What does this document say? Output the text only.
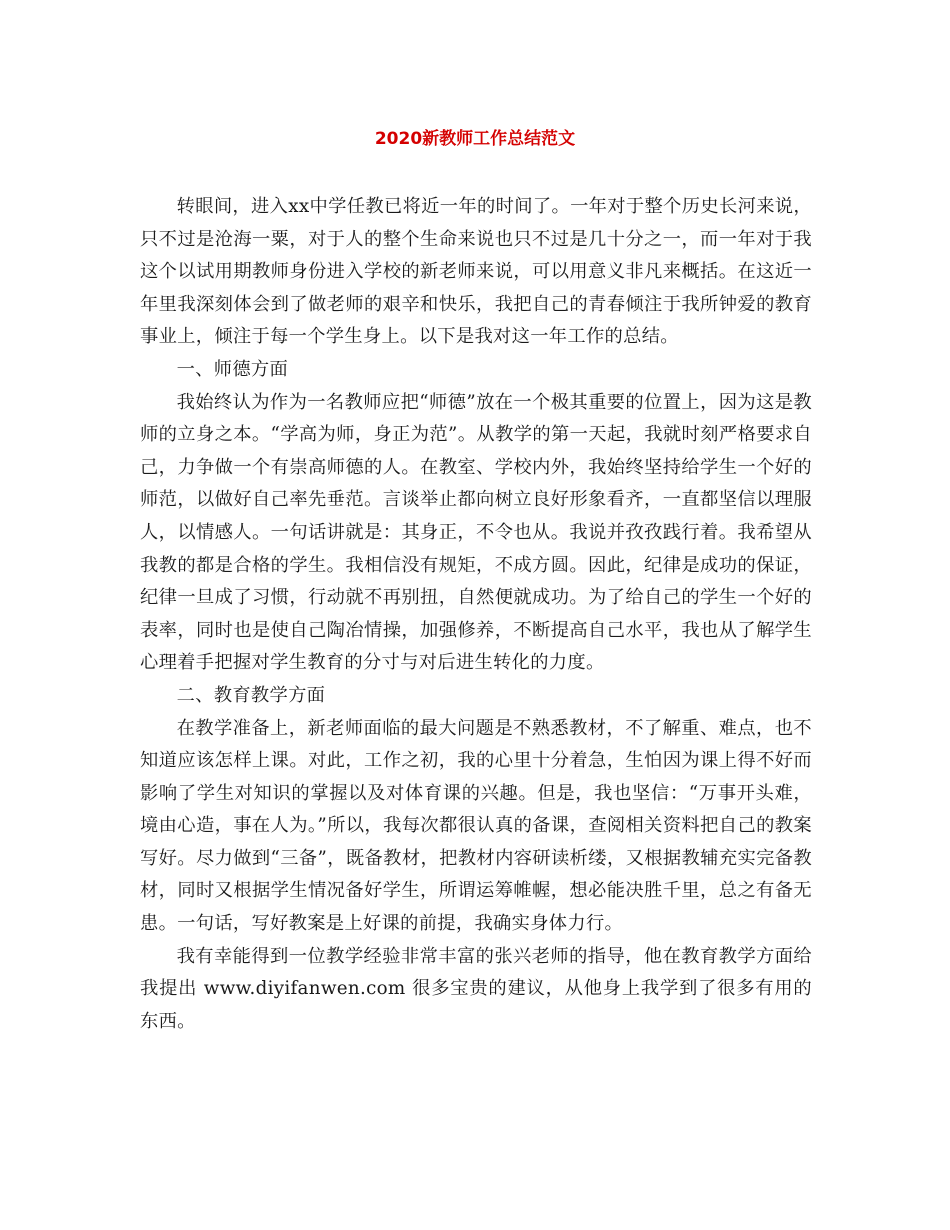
2020新教师工作总结范文

转眼间，进入xx中学任教已将近一年的时间了。一年对于整个历史长河来说，只不过是沧海一粟，对于人的整个生命来说也只不过是几十分之一，而一年对于我这个以试用期教师身份进入学校的新老师来说，可以用意义非凡来概括。在这近一年里我深刻体会到了做老师的艰辛和快乐，我把自己的青春倾注于我所钟爱的教育事业上，倾注于每一个学生身上。以下是我对这一年工作的总结。

一、师德方面

我始终认为作为一名教师应把“师德”放在一个极其重要的位置上，因为这是教师的立身之本。“学高为师，身正为范”。从教学的第一天起，我就时刻严格要求自己，力争做一个有崇高师德的人。在教室、学校内外，我始终坚持给学生一个好的师范，以做好自己率先垂范。言谈举止都向树立良好形象看齐，一直都坚信以理服人，以情感人。一句话讲就是：其身正，不令也从。我说并孜孜践行着。我希望从我教的都是合格的学生。我相信没有规矩，不成方圆。因此，纪律是成功的保证，纪律一旦成了习惯，行动就不再别扭，自然便就成功。为了给自己的学生一个好的表率，同时也是使自己陶冶情操，加强修养，不断提高自己水平，我也从了解学生心理着手把握对学生教育的分寸与对后进生转化的力度。

二、教育教学方面

在教学准备上，新老师面临的最大问题是不熟悉教材，不了解重、难点，也不知道应该怎样上课。对此，工作之初，我的心里十分着急，生怕因为课上得不好而影响了学生对知识的掌握以及对体育课的兴趣。但是，我也坚信：“万事开头难，境由心造，事在人为。”所以，我每次都很认真的备课，查阅相关资料把自己的教案写好。尽力做到“三备”，既备教材，把教材内容研读析缕，又根据教辅充实完备教材，同时又根据学生情况备好学生，所谓运筹帷幄，想必能决胜千里，总之有备无患。一句话，写好教案是上好课的前提，我确实身体力行。

我有幸能得到一位教学经验非常丰富的张兴老师的指导，他在教育教学方面给我提出 www.diyifanwen.com 很多宝贵的建议，从他身上我学到了很多有用的东西。
